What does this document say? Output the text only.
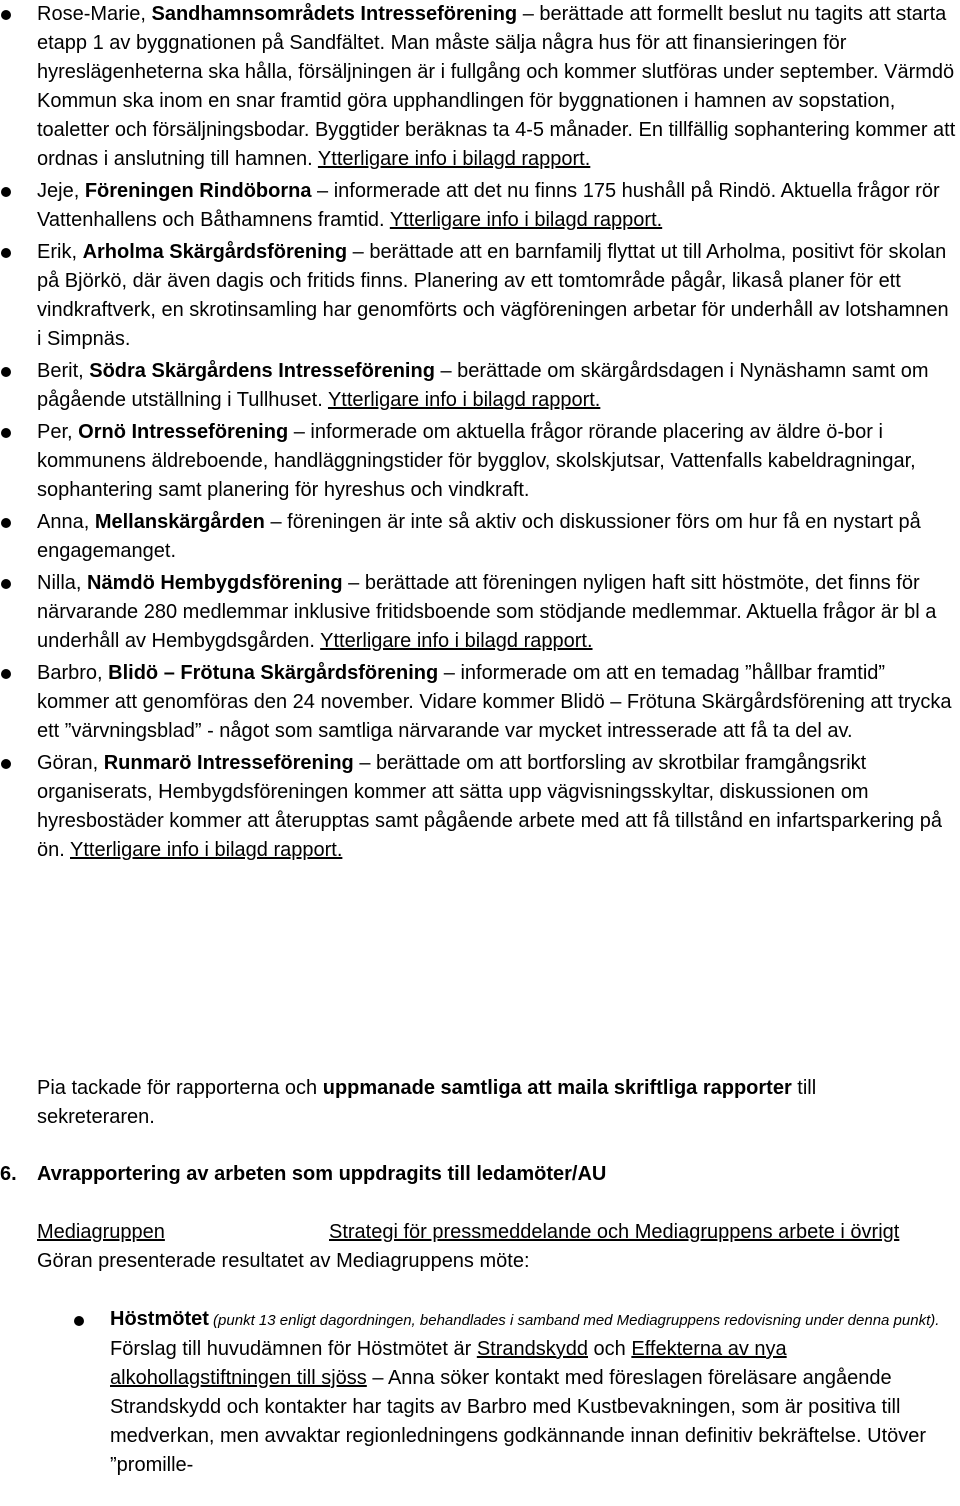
Rose-Marie, Sandhamnsområdets Intresseförening – berättade att formellt beslut nu tagits att starta etapp 1 av byggnationen på Sandfältet. Man måste sälja några hus för att finansieringen för hyreslägenheterna ska hålla, försäljningen är i fullgång och kommer slutföras under september. Värmdö Kommun ska inom en snar framtid göra upphandlingen för byggnationen i hamnen av sopstation, toaletter och försäljningsbodar. Byggtider beräknas ta 4-5 månader. En tillfällig sophantering kommer att ordnas i anslutning till hamnen. Ytterligare info i bilagd rapport.
Jeje, Föreningen Rindöborna – informerade att det nu finns 175 hushåll på Rindö. Aktuella frågor rör Vattenhallens och Båthamnens framtid. Ytterligare info i bilagd rapport.
Erik, Arholma Skärgårdsförening – berättade att en barnfamilj flyttat ut till Arholma, positivt för skolan på Björkö, där även dagis och fritids finns. Planering av ett tomtområde pågår, likaså planer för ett vindkraftverk, en skrotinsamling har genomförts och vägföreningen arbetar för underhåll av lotshamnen i Simpnäs.
Berit, Södra Skärgårdens Intresseförening – berättade om skärgårdsdagen i Nynäshamn samt om pågående utställning i Tullhuset. Ytterligare info i bilagd rapport.
Per, Ornö Intresseförening – informerade om aktuella frågor rörande placering av äldre ö-bor i kommunens äldreboende, handläggningstider för bygglov, skolskjutsar, Vattenfalls kabeldragningar, sophantering samt planering för hyreshus och vindkraft.
Anna, Mellanskärgården – föreningen är inte så aktiv och diskussioner förs om hur få en nystart på engagemanget.
Nilla, Nämdö Hembygdsförening – berättade att föreningen nyligen haft sitt höstmöte, det finns för närvarande 280 medlemmar inklusive fritidsboende som stödjande medlemmar. Aktuella frågor är bl a underhåll av Hembygdsgården. Ytterligare info i bilagd rapport.
Barbro, Blidö – Frötuna Skärgårdsförening – informerade om att en temadag ”hållbar framtid” kommer att genomföras den 24 november. Vidare kommer Blidö – Frötuna Skärgårdsförening att trycka ett ”värvningsblad” - något som samtliga närvarande var mycket intresserade att få ta del av.
Göran, Runmarö Intresseförening – berättade om att bortforsling av skrotbilar framgångsrikt organiserats, Hembygdsföreningen kommer att sätta upp vägvisningsskyltar, diskussionen om hyresbostäder kommer att återupptas samt pågående arbete med att få tillstånd en infartsparkering på ön. Ytterligare info i bilagd rapport.
Pia tackade för rapporterna och uppmanade samtliga att maila skriftliga rapporter till sekreteraren.
6. Avrapportering av arbeten som uppdragits till ledamöter/AU
Mediagruppen	Strategi för pressmeddelande och Mediagruppens arbete i övrigt
Göran presenterade resultatet av Mediagruppens möte:
Höstmötet (punkt 13 enligt dagordningen, behandlades i samband med Mediagruppens redovisning under denna punkt).
Förslag till huvudämnen för Höstmötet är Strandskydd och Effekterna av nya alkohollagstiftningen till sjöss – Anna söker kontakt med föreslagen föreläsare angående Strandskydd och kontakter har tagits av Barbro med Kustbevakningen, som är positiva till medverkan, men avvaktar regionledningens godkännande innan definitiv bekräftelse. Utöver ”promille-
